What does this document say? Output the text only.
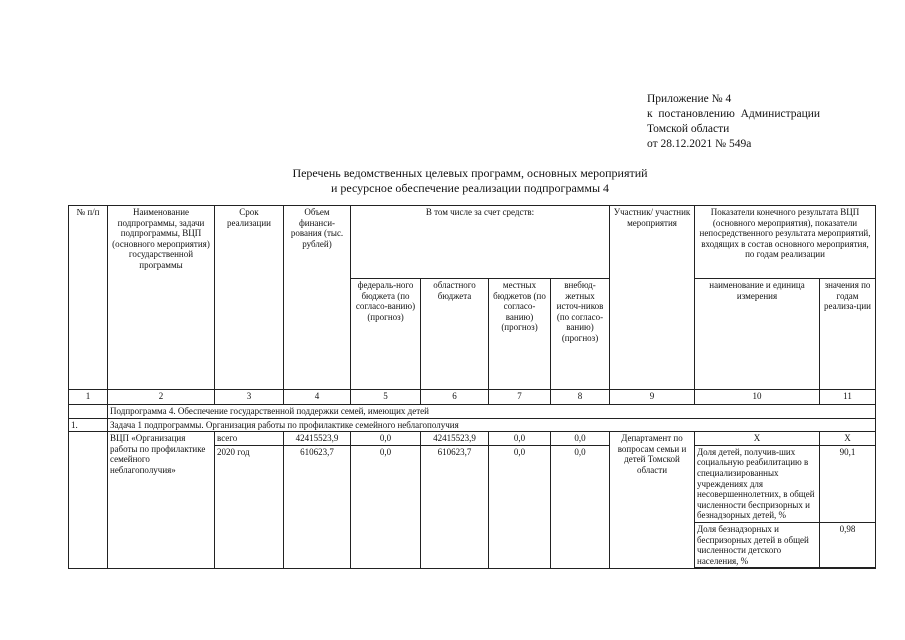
Приложение № 4
к  постановлению  Администрации
Томской области
от 28.12.2021 № 549а
Перечень ведомственных целевых программ, основных мероприятий
и ресурсное обеспечение реализации подпрограммы 4
№ п/п	Наименование подпрограммы, задачи подпрограммы, ВЦП (основного мероприятия) государственной программы	Срок реализации	Объем финанси-рования (тыс. рублей)	В том числе за счет средств:				Участник/ участник мероприятия	Показатели конечного результата ВЦП (основного мероприятия), показатели непосредственного результата мероприятий, входящих в состав основного мероприятия, по годам реализации	
				федераль-ного бюджета (по согласо-ванию) (прогноз)	областного бюджета	местных бюджетов (по согласо-ванию) (прогноз)	внебюд-жетных источ-ников (по согласо-ванию) (прогноз)		наименование и единица измерения	значения по годам реализа-ции
1	2	3	4	5	6	7	8	9	10	11
	Подпрограмма 4. Обеспечение государственной поддержки семей, имеющих детей									
1.	Задача 1 подпрограммы. Организация работы по профилактике семейного неблагополучия									
	ВЦП «Организация работы по профилактике семейного неблагополучия»	всего	42415523,9	0,0	42415523,9	0,0	0,0	Департамент по вопросам семьи и детей Томской области	Х	Х
		2020 год	610623,7	0,0	610623,7	0,0	0,0		Доля детей, получив-ших социальную реабилитацию в специализированных учреждениях для несовершеннолетних, в общей численности беспризорных и безнадзорных детей, %	90,1
									Доля безнадзорных и беспризорных детей в общей численности детского населения, %	0,98
